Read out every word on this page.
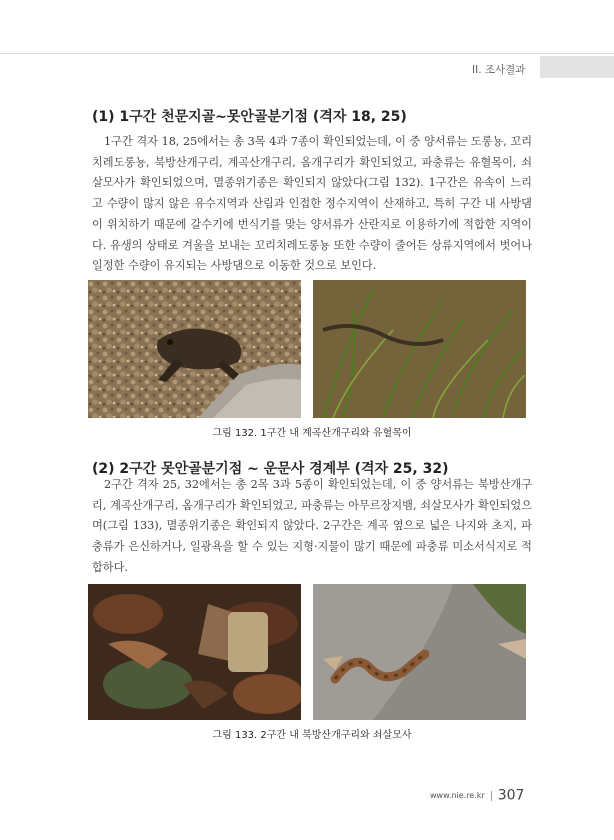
II. 조사결과
(1) 1구간 천문지골~못안골분기점 (격자 18, 25)
1구간 격자 18, 25에서는 총 3목 4과 7종이 확인되었는데, 이 중 양서류는 도롱뇽, 꼬리치레도롱뇽, 북방산개구리, 계곡산개구리, 옴개구리가 확인되었고, 파충류는 유혈목이, 쇠살모사가 확인되었으며, 멸종위기종은 확인되지 않았다(그림 132). 1구간은 유속이 느리고 수량이 많지 않은 유수지역과 산림과 인접한 정수지역이 산재하고, 특히 구간 내 사방댐이 위치하기 때문에 갈수기에 번식기를 맞는 양서류가 산란지로 이용하기에 적합한 지역이다. 유생의 상태로 겨울을 보내는 꼬리치레도롱뇽 또한 수량이 줄어든 상류지역에서 벗어나 일정한 수량이 유지되는 사방댐으로 이동한 것으로 보인다.
그림 132. 1구간 내 계곡산개구리와 유혈목이
(2) 2구간 못안골분기점 ~ 운문사 경계부 (격자 25, 32)
2구간 격자 25, 32에서는 총 2목 3과 5종이 확인되었는데, 이 중 양서류는 북방산개구리, 계곡산개구리, 옴개구리가 확인되었고, 파충류는 아무르장지뱀, 쇠살모사가 확인되었으며(그림 133), 멸종위기종은 확인되지 않았다. 2구간은 계곡 옆으로 넓은 나지와 초지, 파충류가 은신하거나, 일광욕을 할 수 있는 지형·지물이 많기 때문에 파충류 미소서식지로 적합하다.
그림 133. 2구간 내 북방산개구리와 쇠살모사
www.nie.re.kr 307
